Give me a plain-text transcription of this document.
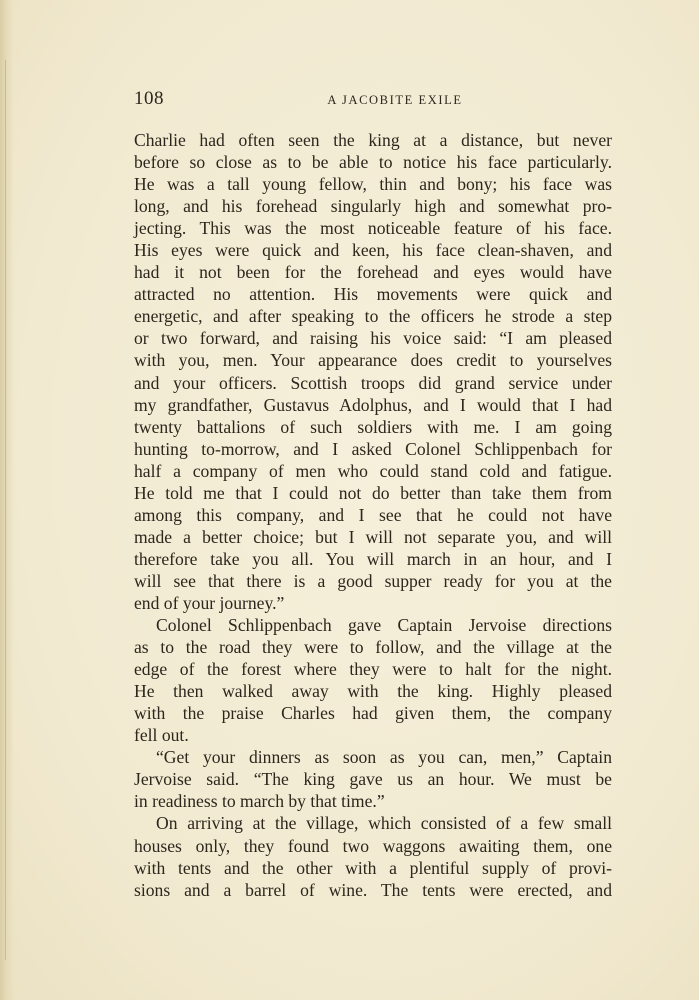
108	A JACOBITE EXILE
Charlie had often seen the king at a distance, but never
before so close as to be able to notice his face particularly.
He was a tall young fellow, thin and bony; his face was
long, and his forehead singularly high and somewhat pro-
jecting. This was the most noticeable feature of his face.
His eyes were quick and keen, his face clean-shaven, and
had it not been for the forehead and eyes would have
attracted no attention. His movements were quick and
energetic, and after speaking to the officers he strode a step
or two forward, and raising his voice said: “I am pleased
with you, men. Your appearance does credit to yourselves
and your officers. Scottish troops did grand service under
my grandfather, Gustavus Adolphus, and I would that I had
twenty battalions of such soldiers with me. I am going
hunting to-morrow, and I asked Colonel Schlippenbach for
half a company of men who could stand cold and fatigue.
He told me that I could not do better than take them from
among this company, and I see that he could not have
made a better choice; but I will not separate you, and will
therefore take you all. You will march in an hour, and I
will see that there is a good supper ready for you at the
end of your journey.”
Colonel Schlippenbach gave Captain Jervoise directions
as to the road they were to follow, and the village at the
edge of the forest where they were to halt for the night.
He then walked away with the king. Highly pleased
with the praise Charles had given them, the company
fell out.
“Get your dinners as soon as you can, men,” Captain
Jervoise said. “The king gave us an hour. We must be
in readiness to march by that time.”
On arriving at the village, which consisted of a few small
houses only, they found two waggons awaiting them, one
with tents and the other with a plentiful supply of provi-
sions and a barrel of wine. The tents were erected, and
